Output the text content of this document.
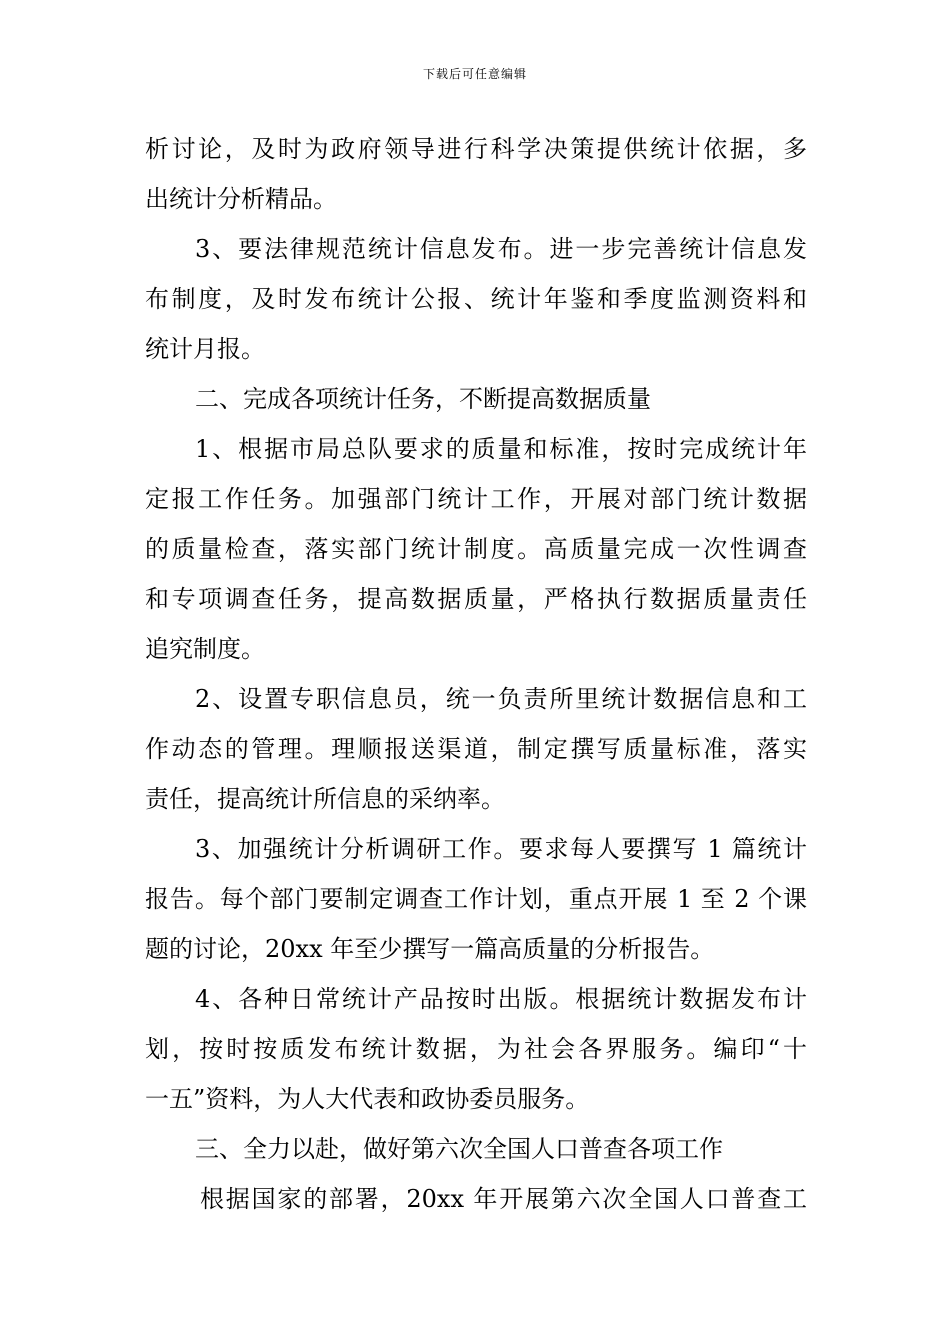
下载后可任意编辑
析讨论，及时为政府领导进行科学决策提供统计依据，多
出统计分析精品。
3、要法律规范统计信息发布。进一步完善统计信息发
布制度，及时发布统计公报、统计年鉴和季度监测资料和
统计月报。
二、完成各项统计任务，不断提高数据质量
1、根据市局总队要求的质量和标准，按时完成统计年
定报工作任务。加强部门统计工作，开展对部门统计数据
的质量检查，落实部门统计制度。高质量完成一次性调查
和专项调查任务，提高数据质量，严格执行数据质量责任
追究制度。
2、设置专职信息员，统一负责所里统计数据信息和工
作动态的管理。理顺报送渠道，制定撰写质量标准，落实
责任，提高统计所信息的采纳率。
3、加强统计分析调研工作。要求每人要撰写 1 篇统计
报告。每个部门要制定调查工作计划，重点开展 1 至 2 个课
题的讨论，20xx 年至少撰写一篇高质量的分析报告。
4、各种日常统计产品按时出版。根据统计数据发布计
划，按时按质发布统计数据，为社会各界服务。编印“十
一五”资料，为人大代表和政协委员服务。
三、全力以赴，做好第六次全国人口普查各项工作
根据国家的部署，20xx 年开展第六次全国人口普查工
